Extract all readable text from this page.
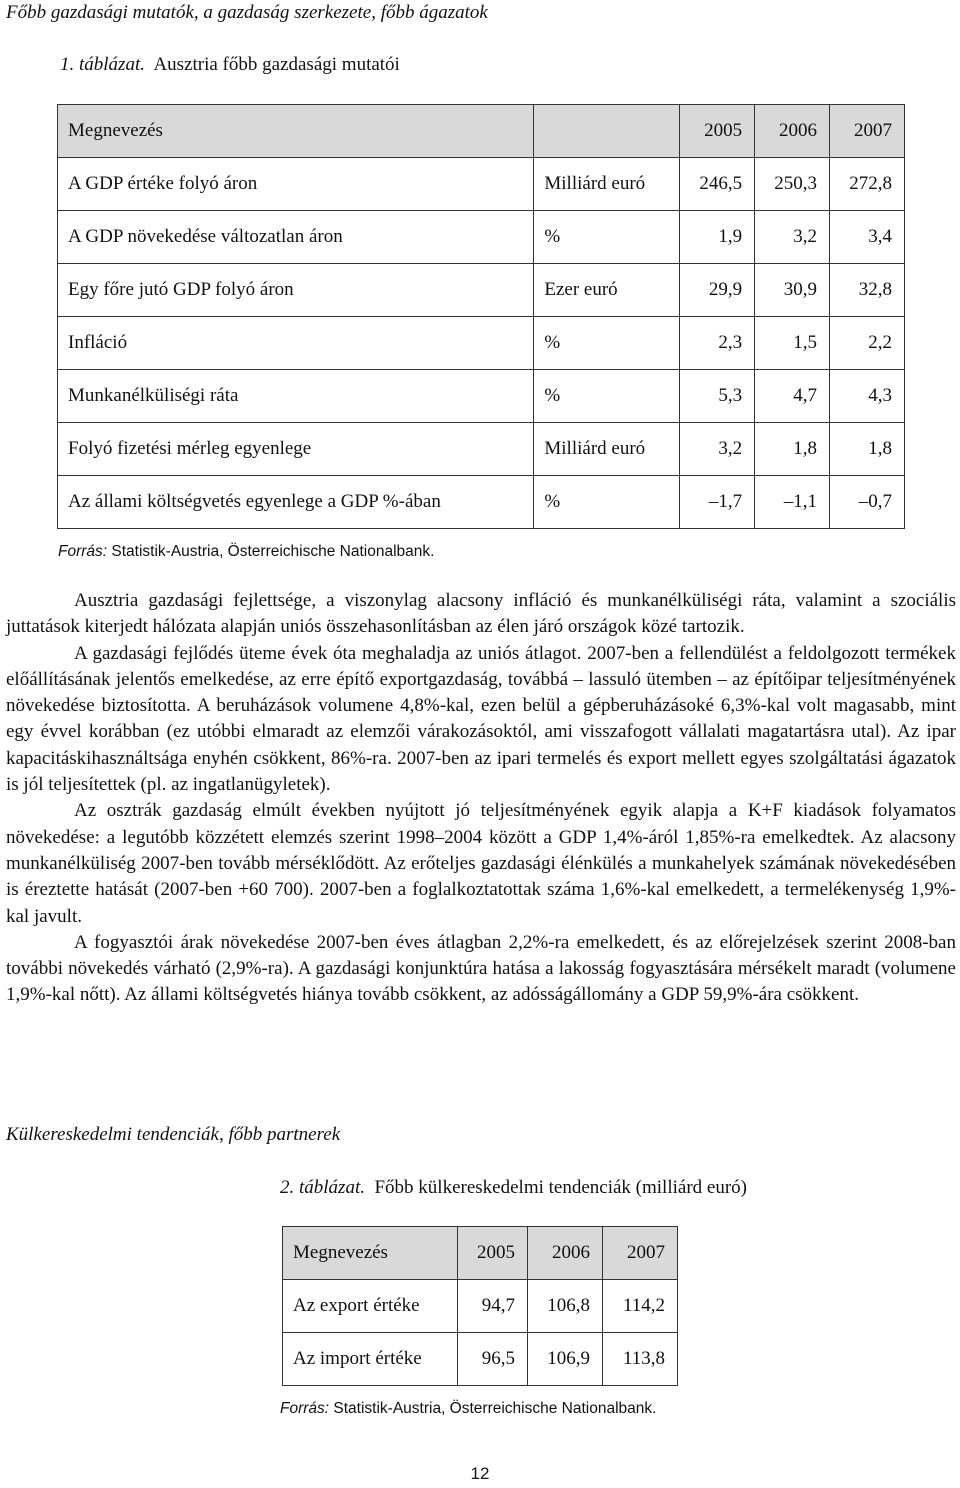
Főbb gazdasági mutatók, a gazdaság szerkezete, főbb ágazatok
1. táblázat. Ausztria főbb gazdasági mutatói
Megnevezés		2005	2006	2007
A GDP értéke folyó áron	Milliárd euró	246,5	250,3	272,8
A GDP növekedése változatlan áron	%	1,9	3,2	3,4
Egy főre jutó GDP folyó áron	Ezer euró	29,9	30,9	32,8
Infláció	%	2,3	1,5	2,2
Munkanélküliségi ráta	%	5,3	4,7	4,3
Folyó fizetési mérleg egyenlege	Milliárd euró	3,2	1,8	1,8
Az állami költségvetés egyenlege a GDP %-ában	%	–1,7	–1,1	–0,7
Forrás: Statistik-Austria, Österreichische Nationalbank.

Ausztria gazdasági fejlettsége, a viszonylag alacsony infláció és munkanélküliségi ráta, valamint a szociális juttatások kiterjedt hálózata alapján uniós összehasonlításban az élen járó országok közé tartozik.

A gazdasági fejlődés üteme évek óta meghaladja az uniós átlagot. 2007-ben a fellendülést a feldolgozott termékek előállításának jelentős emelkedése, az erre építő exportgazdaság, továbbá – lassuló ütemben – az építőipar teljesítményének növekedése biztosította. A beruházások volumene 4,8%-kal, ezen belül a gépberuházásoké 6,3%-kal volt magasabb, mint egy évvel korábban (ez utóbbi elmaradt az elemzői várakozásoktól, ami visszafogott vállalati magatartásra utal). Az ipar kapacitáskihasználtsága enyhén csökkent, 86%-ra. 2007-ben az ipari termelés és export mellett egyes szolgáltatási ágazatok is jól teljesítettek (pl. az ingatlanügyletek).

Az osztrák gazdaság elmúlt években nyújtott jó teljesítményének egyik alapja a K+F kiadások folyamatos növekedése: a legutóbb közzétett elemzés szerint 1998–2004 között a GDP 1,4%-áról 1,85%-ra emelkedtek. Az alacsony munkanélküliség 2007-ben tovább mérséklődött. Az erőteljes gazdasági élénkülés a munkahelyek számának növekedésében is éreztette hatását (2007-ben +60 700). 2007-ben a foglalkoztatottak száma 1,6%-kal emelkedett, a termelékenység 1,9%-kal javult.

A fogyasztói árak növekedése 2007-ben éves átlagban 2,2%-ra emelkedett, és az előrejelzések szerint 2008-ban további növekedés várható (2,9%-ra). A gazdasági konjunktúra hatása a lakosság fogyasztására mérsékelt maradt (volumene 1,9%-kal nőtt). Az állami költségvetés hiánya tovább csökkent, az adósságállomány a GDP 59,9%-ára csökkent.

Külkereskedelmi tendenciák, főbb partnerek
2. táblázat. Főbb külkereskedelmi tendenciák (milliárd euró)
Megnevezés	2005	2006	2007
Az export értéke	94,7	106,8	114,2
Az import értéke	96,5	106,9	113,8
Forrás: Statistik-Austria, Österreichische Nationalbank.
12
